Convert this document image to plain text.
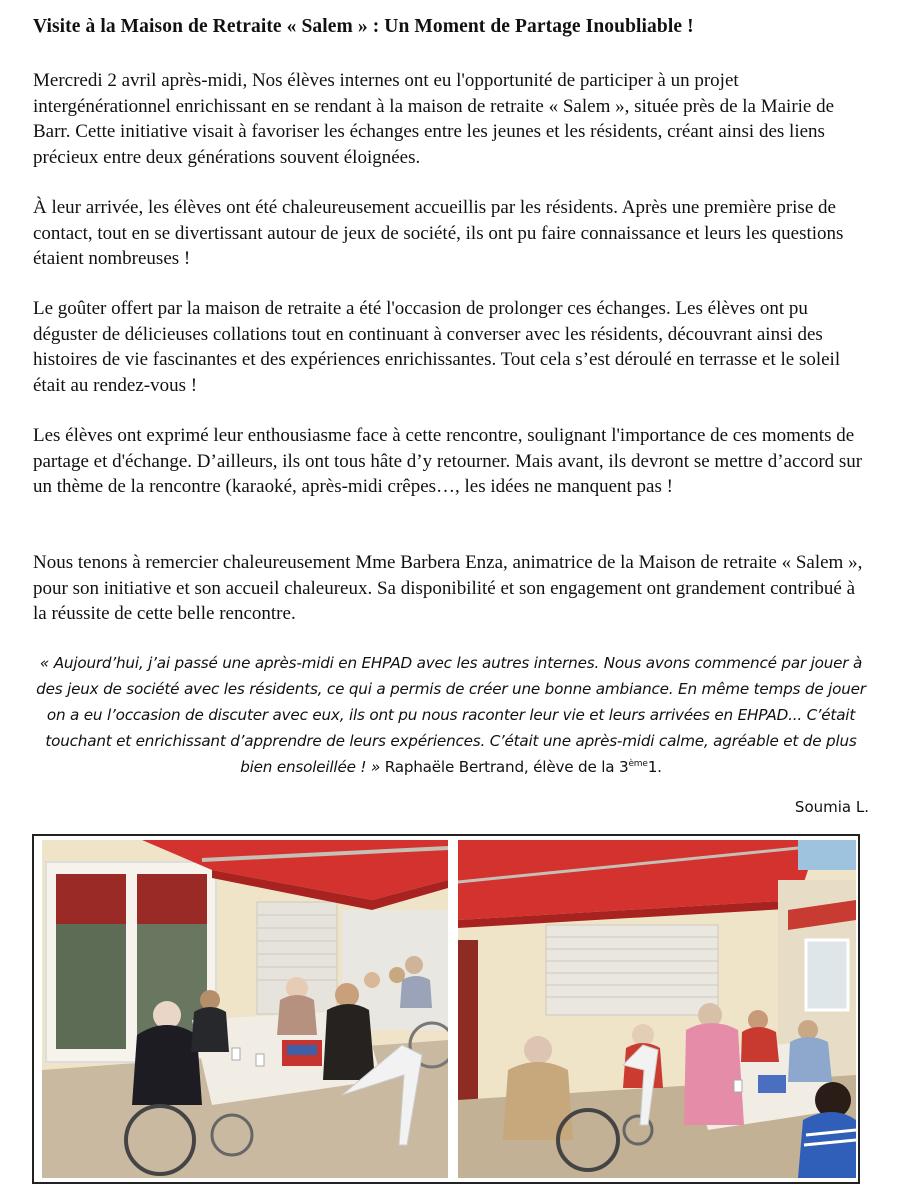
Visite à la Maison de Retraite « Salem » : Un Moment de Partage Inoubliable !

Mercredi 2 avril après-midi, Nos élèves internes ont eu l'opportunité de participer à un projet intergénérationnel enrichissant en se rendant à la maison de retraite « Salem », située près de la Mairie de Barr. Cette initiative visait à favoriser les échanges entre les jeunes et les résidents, créant ainsi des liens précieux entre deux générations souvent éloignées.

À leur arrivée, les élèves ont été chaleureusement accueillis par les résidents. Après une première prise de contact, tout en se divertissant autour de jeux de société, ils ont pu faire connaissance et leurs les questions étaient nombreuses !

Le goûter offert par la maison de retraite a été l'occasion de prolonger ces échanges. Les élèves ont pu déguster de délicieuses collations tout en continuant à converser avec les résidents, découvrant ainsi des histoires de vie fascinantes et des expériences enrichissantes. Tout cela s’est déroulé en terrasse et le soleil était au rendez-vous !

Les élèves ont exprimé leur enthousiasme face à cette rencontre, soulignant l'importance de ces moments de partage et d'échange. D’ailleurs, ils ont tous hâte d’y retourner. Mais avant, ils devront se mettre d’accord sur un thème de la rencontre (karaoké, après-midi crêpes…, les idées ne manquent pas !

Nous tenons à remercier chaleureusement Mme Barbera Enza, animatrice de la Maison de retraite « Salem », pour son initiative et son accueil chaleureux. Sa disponibilité et son engagement ont grandement contribué à la réussite de cette belle rencontre.

« Aujourd’hui, j’ai passé une après-midi en EHPAD avec les autres internes. Nous avons commencé par jouer à des jeux de société avec les résidents, ce qui a permis de créer une bonne ambiance. En même temps de jouer on a eu l’occasion de discuter avec eux, ils ont pu nous raconter leur vie et leurs arrivées en EHPAD... C’était touchant et enrichissant d’apprendre de leurs expériences. C’était une après-midi calme, agréable et de plus bien ensoleillée ! » Raphaële Bertrand, élève de la 3ème1.
Soumia L.
